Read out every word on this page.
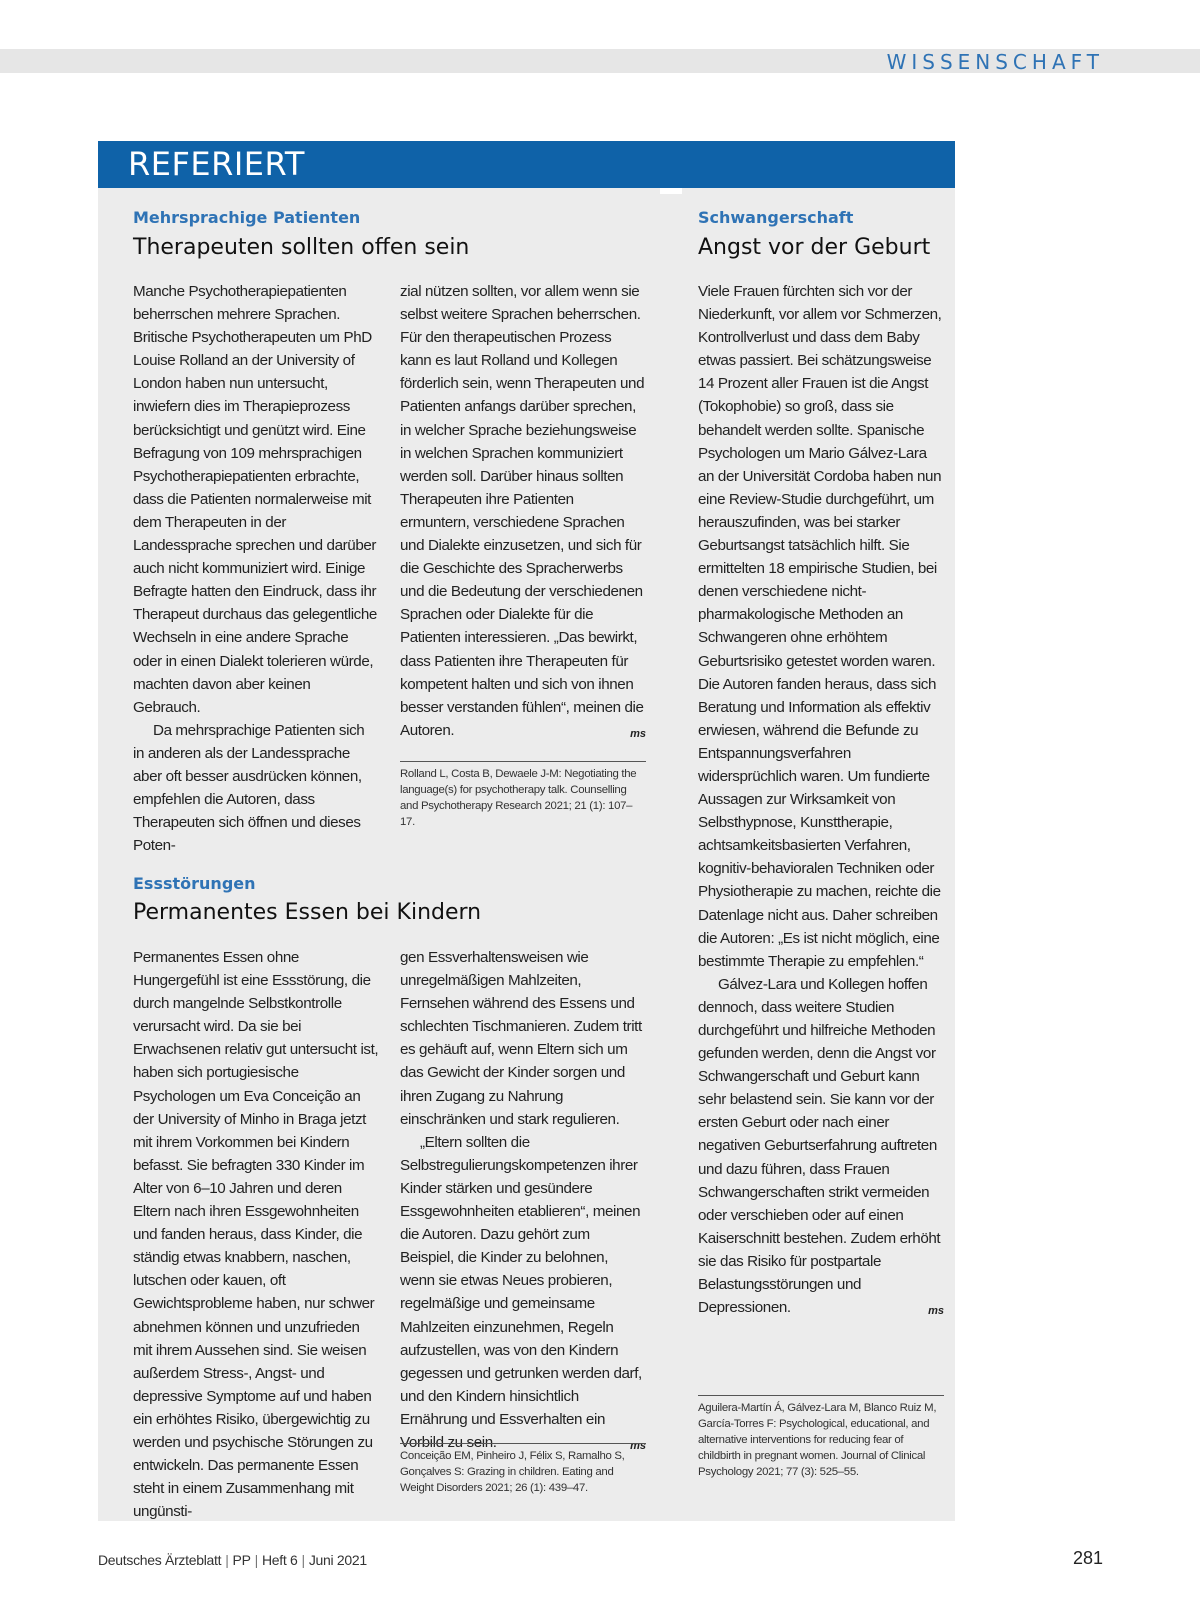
WISSENSCHAFT
REFERIERT
Mehrsprachige Patienten
Therapeuten sollten offen sein

Manche Psychotherapiepatienten beherrschen mehrere Sprachen. Britische Psychotherapeuten um PhD Louise Rolland an der University of London haben nun untersucht, inwiefern dies im Therapieprozess berücksichtigt und genützt wird. Eine Befragung von 109 mehrsprachigen Psychotherapiepatienten erbrachte, dass die Patienten normalerweise mit dem Therapeuten in der Landessprache sprechen und darüber auch nicht kommuniziert wird. Einige Befragte hatten den Eindruck, dass ihr Therapeut durchaus das gelegentliche Wechseln in eine andere Sprache oder in einen Dialekt tolerieren würde, machten davon aber keinen Gebrauch.

Da mehrsprachige Patienten sich in anderen als der Landessprache aber oft besser ausdrücken können, empfehlen die Autoren, dass Therapeuten sich öffnen und dieses Poten-

zial nützen sollten, vor allem wenn sie selbst weitere Sprachen beherrschen. Für den therapeutischen Prozess kann es laut Rolland und Kollegen förderlich sein, wenn Therapeuten und Patienten anfangs darüber sprechen, in welcher Sprache beziehungsweise in welchen Sprachen kommuniziert werden soll. Darüber hinaus sollten Therapeuten ihre Patienten ermuntern, verschiedene Sprachen und Dialekte einzusetzen, und sich für die Geschichte des Spracherwerbs und die Bedeutung der verschiedenen Sprachen oder Dialekte für die Patienten interessieren. „Das bewirkt, dass Patienten ihre Therapeuten für kompetent halten und sich von ihnen besser verstanden fühlen“, meinen die Autoren.	ms

Rolland L, Costa B, Dewaele J-M: Negotiating the language(s) for psychotherapy talk. Counselling and Psychotherapy Research 2021; 21 (1): 107–17.
Essstörungen
Permanentes Essen bei Kindern

Permanentes Essen ohne Hungergefühl ist eine Essstörung, die durch mangelnde Selbstkontrolle verursacht wird. Da sie bei Erwachsenen relativ gut untersucht ist, haben sich portugiesische Psychologen um Eva Conceição an der University of Minho in Braga jetzt mit ihrem Vorkommen bei Kindern befasst. Sie befragten 330 Kinder im Alter von 6–10 Jahren und deren Eltern nach ihren Essgewohnheiten und fanden heraus, dass Kinder, die ständig etwas knabbern, naschen, lutschen oder kauen, oft Gewichtsprobleme haben, nur schwer abnehmen können und unzufrieden mit ihrem Aussehen sind. Sie weisen außerdem Stress-, Angst- und depressive Symptome auf und haben ein erhöhtes Risiko, übergewichtig zu werden und psychische Störungen zu entwickeln. Das permanente Essen steht in einem Zusammenhang mit ungünsti-

gen Essverhaltensweisen wie unregelmäßigen Mahlzeiten, Fernsehen während des Essens und schlechten Tischmanieren. Zudem tritt es gehäuft auf, wenn Eltern sich um das Gewicht der Kinder sorgen und ihren Zugang zu Nahrung einschränken und stark regulieren.

„Eltern sollten die Selbstregulierungskompetenzen ihrer Kinder stärken und gesündere Essgewohnheiten etablieren“, meinen die Autoren. Dazu gehört zum Beispiel, die Kinder zu belohnen, wenn sie etwas Neues probieren, regelmäßige und gemeinsame Mahlzeiten einzunehmen, Regeln aufzustellen, was von den Kindern gegessen und getrunken werden darf, und den Kindern hinsichtlich Ernährung und Essverhalten ein Vorbild zu sein.	ms

Conceição EM, Pinheiro J, Félix S, Ramalho S, Gonçalves S: Grazing in children. Eating and Weight Disorders 2021; 26 (1): 439–47.
Schwangerschaft
Angst vor der Geburt

Viele Frauen fürchten sich vor der Niederkunft, vor allem vor Schmerzen, Kontrollverlust und dass dem Baby etwas passiert. Bei schätzungsweise 14 Prozent aller Frauen ist die Angst (Tokophobie) so groß, dass sie behandelt werden sollte. Spanische Psychologen um Mario Gálvez-Lara an der Universität Cordoba haben nun eine Review-Studie durchgeführt, um herauszufinden, was bei starker Geburtsangst tatsächlich hilft. Sie ermittelten 18 empirische Studien, bei denen verschiedene nicht-pharmakologische Methoden an Schwangeren ohne erhöhtem Geburtsrisiko getestet worden waren. Die Autoren fanden heraus, dass sich Beratung und Information als effektiv erwiesen, während die Befunde zu Entspannungsverfahren widersprüchlich waren. Um fundierte Aussagen zur Wirksamkeit von Selbsthypnose, Kunsttherapie, achtsamkeitsbasierten Verfahren, kognitiv-behavioralen Techniken oder Physiotherapie zu machen, reichte die Datenlage nicht aus. Daher schreiben die Autoren: „Es ist nicht möglich, eine bestimmte Therapie zu empfehlen.“

Gálvez-Lara und Kollegen hoffen dennoch, dass weitere Studien durchgeführt und hilfreiche Methoden gefunden werden, denn die Angst vor Schwangerschaft und Geburt kann sehr belastend sein. Sie kann vor der ersten Geburt oder nach einer negativen Geburtserfahrung auftreten und dazu führen, dass Frauen Schwangerschaften strikt vermeiden oder verschieben oder auf einen Kaiserschnitt bestehen. Zudem erhöht sie das Risiko für postpartale Belastungsstörungen und Depressionen.	ms

Aguilera-Martín Á, Gálvez-Lara M, Blanco Ruiz M, García-Torres F: Psychological, educational, and alternative interventions for reducing fear of childbirth in pregnant women. Journal of Clinical Psychology 2021; 77 (3): 525–55.
Deutsches Ärzteblatt | PP | Heft 6 | Juni 2021	281
